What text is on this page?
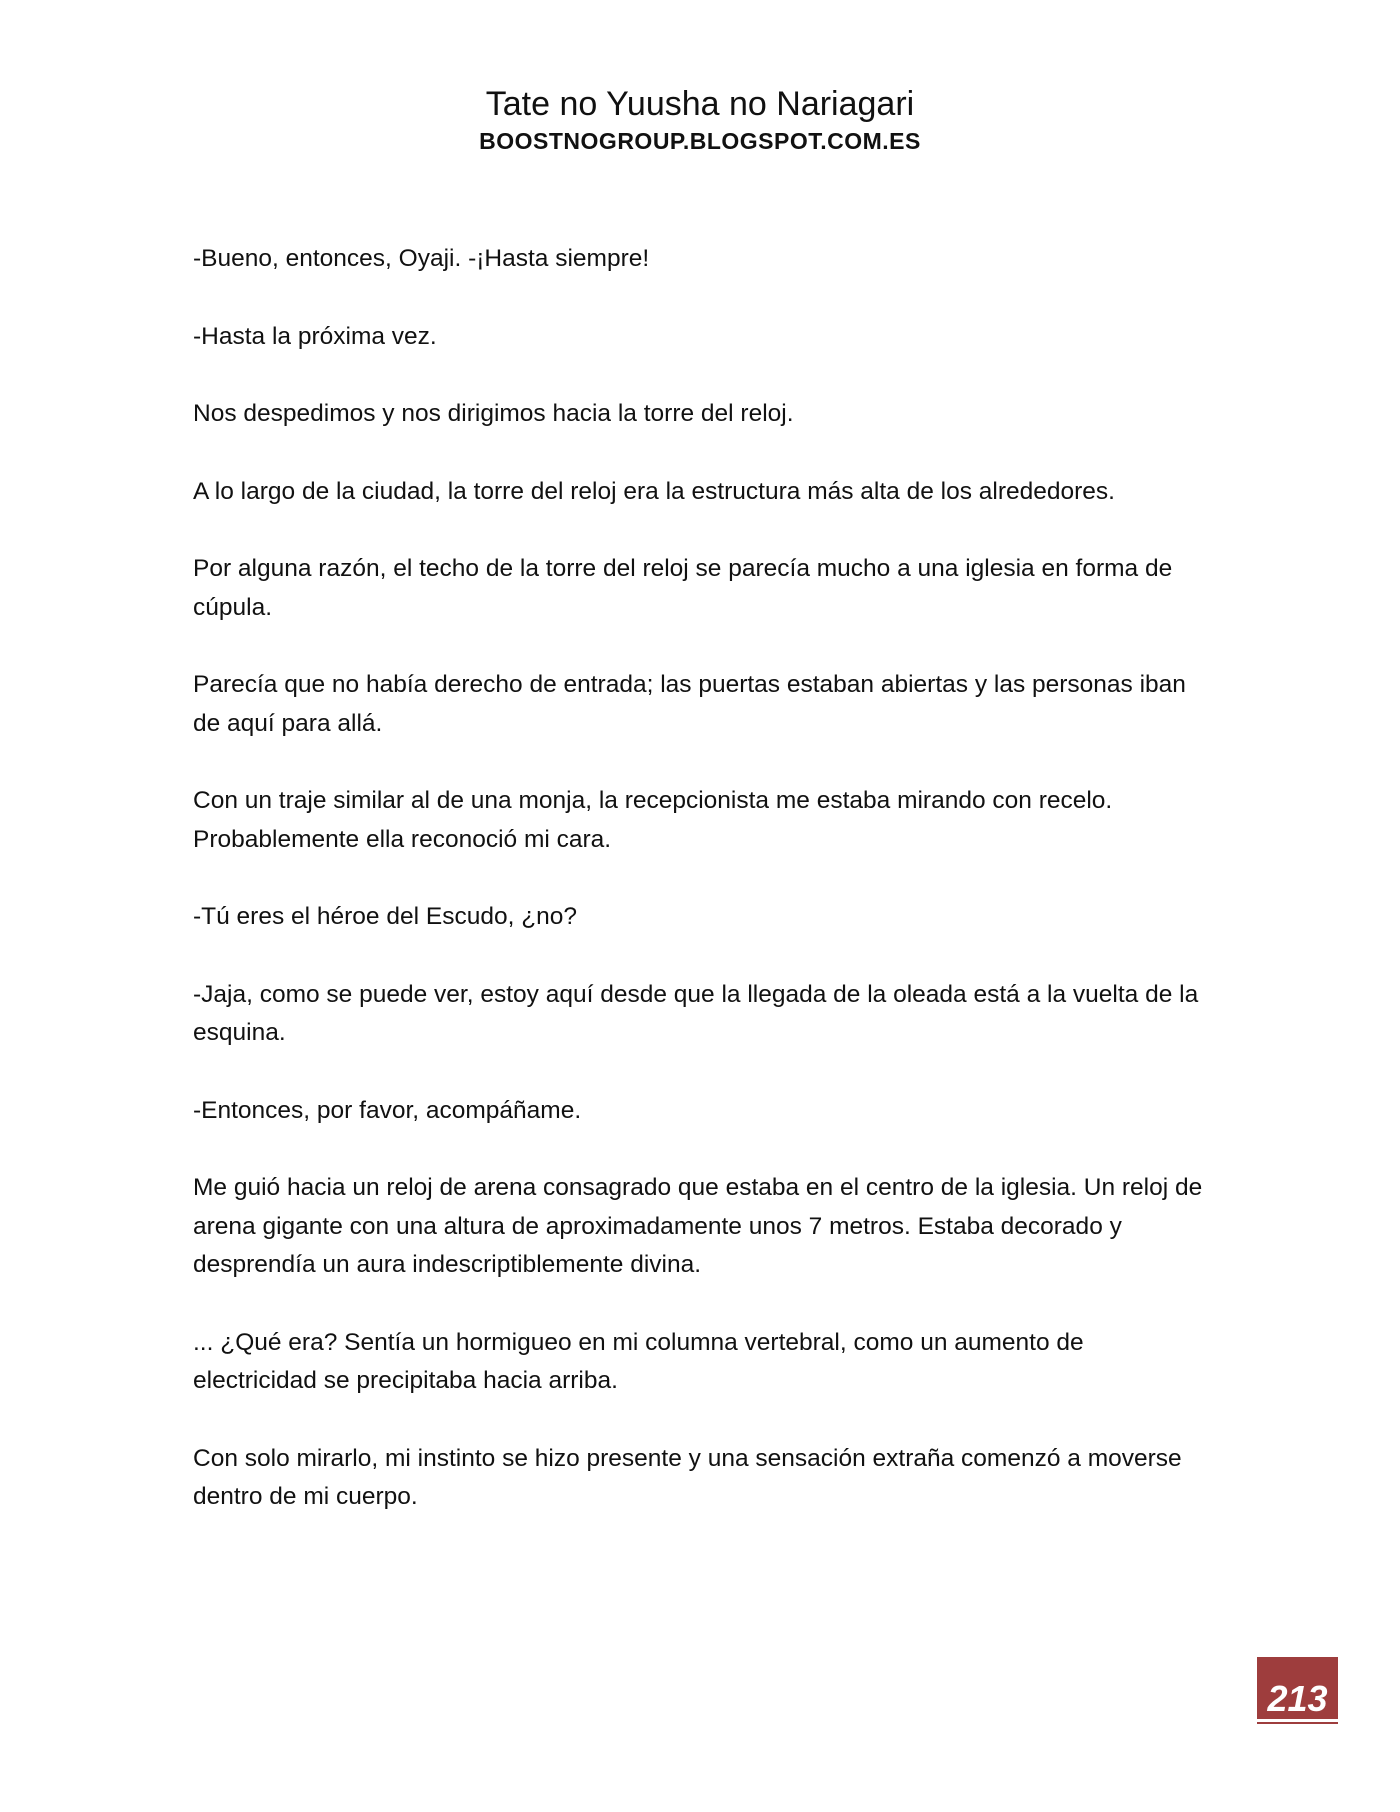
Tate no Yuusha no Nariagari
BOOSTNOGROUP.BLOGSPOT.COM.ES

-Bueno, entonces, Oyaji. -¡Hasta siempre!

-Hasta la próxima vez.

Nos despedimos y nos dirigimos hacia la torre del reloj.

A lo largo de la ciudad, la torre del reloj era la estructura más alta de los alrededores.

Por alguna razón, el techo de la torre del reloj se parecía mucho a una iglesia en forma de cúpula.

Parecía que no había derecho de entrada; las puertas estaban abiertas y las personas iban de aquí para allá.

Con un traje similar al de una monja, la recepcionista me estaba mirando con recelo. Probablemente ella reconoció mi cara.

-Tú eres el héroe del Escudo, ¿no?

-Jaja, como se puede ver, estoy aquí desde que la llegada de la oleada está a la vuelta de la esquina.

-Entonces, por favor, acompáñame.

Me guió hacia un reloj de arena consagrado que estaba en el centro de la iglesia. Un reloj de arena gigante con una altura de aproximadamente unos 7 metros. Estaba decorado y desprendía un aura indescriptiblemente divina.

... ¿Qué era? Sentía un hormigueo en mi columna vertebral, como un aumento de electricidad se precipitaba hacia arriba.

Con solo mirarlo, mi instinto se hizo presente y una sensación extraña comenzó a moverse dentro de mi cuerpo.

213
